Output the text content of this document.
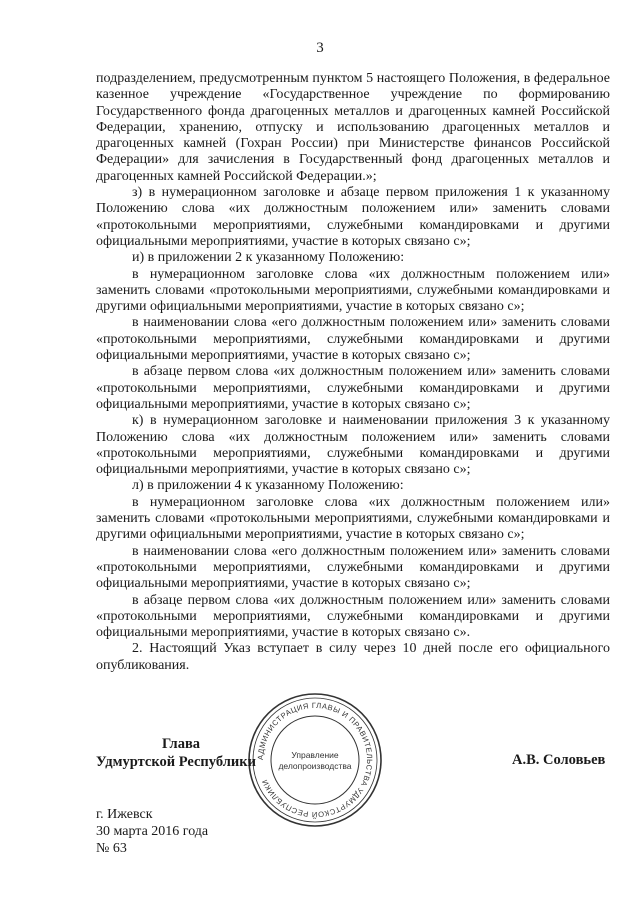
3

подразделением, предусмотренным пунктом 5 настоящего Положения, в федеральное казенное учреждение «Государственное учреждение по формированию Государственного фонда драгоценных металлов и драгоценных камней Российской Федерации, хранению, отпуску и использованию драгоценных металлов и драгоценных камней (Гохран России) при Министерстве финансов Российской Федерации» для зачисления в Государственный фонд драгоценных металлов и драгоценных камней Российской Федерации.»;

з) в нумерационном заголовке и абзаце первом приложения 1 к указанному Положению слова «их должностным положением или» заменить словами «протокольными мероприятиями, служебными командировками и другими официальными мероприятиями, участие в которых связано с»;

и) в приложении 2 к указанному Положению:

в нумерационном заголовке слова «их должностным положением или» заменить словами «протокольными мероприятиями, служебными командировками и другими официальными мероприятиями, участие в которых связано с»;

в наименовании слова «его должностным положением или» заменить словами «протокольными мероприятиями, служебными командировками и другими официальными мероприятиями, участие в которых связано с»;

в абзаце первом слова «их должностным положением или» заменить словами «протокольными мероприятиями, служебными командировками и другими официальными мероприятиями, участие в которых связано с»;

к) в нумерационном заголовке и наименовании приложения 3 к указанному Положению слова «их должностным положением или» заменить словами «протокольными мероприятиями, служебными командировками и другими официальными мероприятиями, участие в которых связано с»;

л) в приложении 4 к указанному Положению:

в нумерационном заголовке слова «их должностным положением или» заменить словами «протокольными мероприятиями, служебными командировками и другими официальными мероприятиями, участие в которых связано с»;

в наименовании слова «его должностным положением или» заменить словами «протокольными мероприятиями, служебными командировками и другими официальными мероприятиями, участие в которых связано с»;

в абзаце первом слова «их должностным положением или» заменить словами «протокольными мероприятиями, служебными командировками и другими официальными мероприятиями, участие в которых связано с».

2. Настоящий Указ вступает в силу через 10 дней после его официального опубликования.

АДМИНИСТРАЦИЯ ГЛАВЫ И ПРАВИТЕЛЬСТВА УДМУРТСКОЙ РЕСПУБЛИКИ
Управление
делопроизводства
Глава
Удмуртской Республики	А.В. Соловьев
г. Ижевск
30 марта 2016 года
№ 63
